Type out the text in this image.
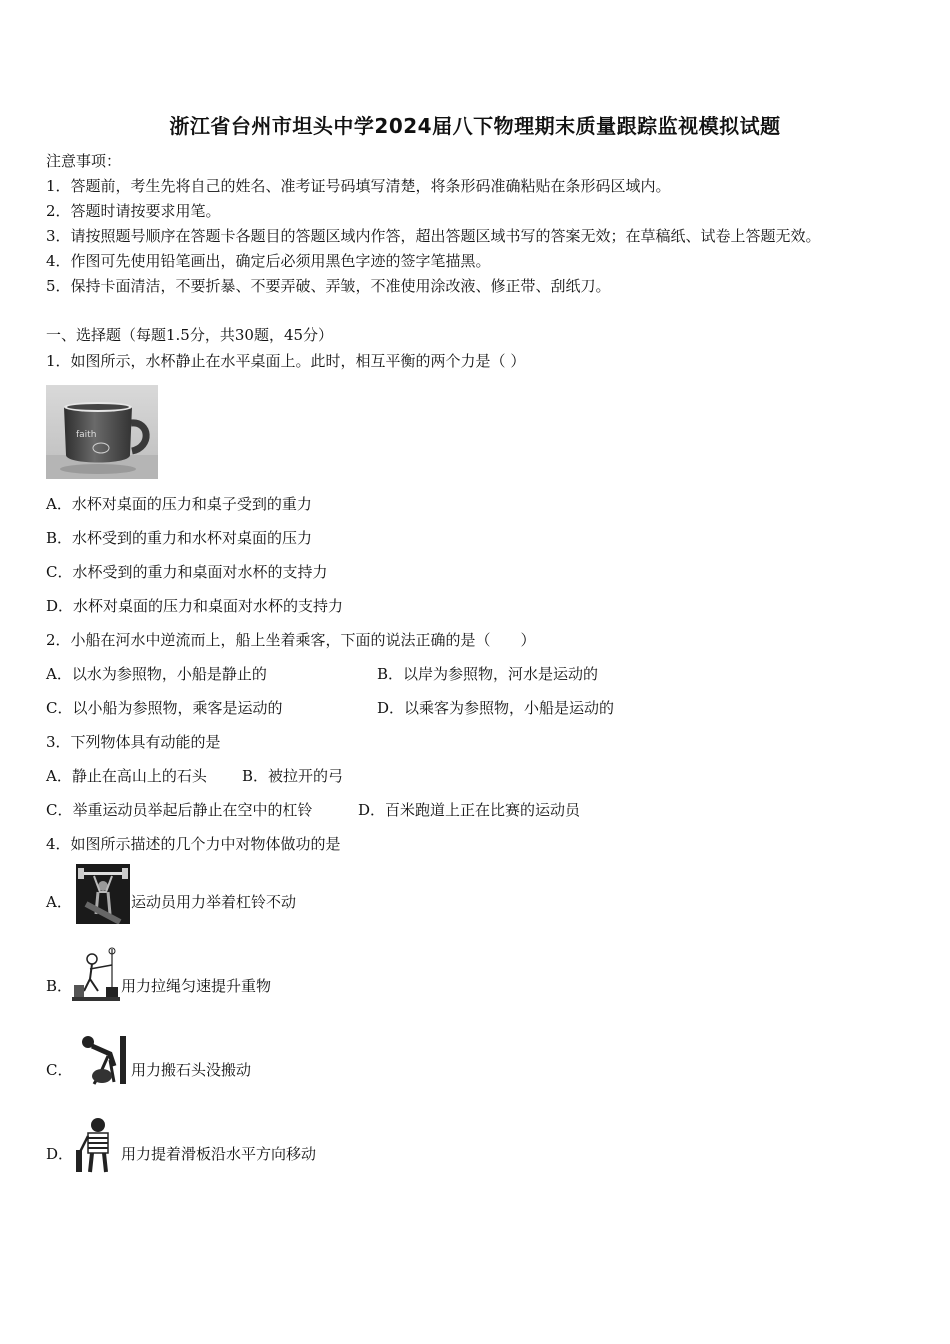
浙江省台州市坦头中学2024届八下物理期末质量跟踪监视模拟试题
注意事项：
1．答题前，考生先将自己的姓名、准考证号码填写清楚，将条形码准确粘贴在条形码区域内。
2．答题时请按要求用笔。
3．请按照题号顺序在答题卡各题目的答题区域内作答，超出答题区域书写的答案无效；在草稿纸、试卷上答题无效。
4．作图可先使用铅笔画出，确定后必须用黑色字迹的签字笔描黑。
5．保持卡面清洁，不要折暴、不要弄破、弄皱，不准使用涂改液、修正带、刮纸刀。
一、选择题（每题1.5分，共30题，45分）
1．如图所示，水杯静止在水平桌面上。此时，相互平衡的两个力是（ ）
faith
A．水杯对桌面的压力和桌子受到的重力
B．水杯受到的重力和水杯对桌面的压力
C．水杯受到的重力和桌面对水杯的支持力
D．水杯对桌面的压力和桌面对水杯的支持力
2．小船在河水中逆流而上，船上坐着乘客，下面的说法正确的是（　　）
A．以水为参照物，小船是静止的	B．以岸为参照物，河水是运动的
C．以小船为参照物，乘客是运动的	D．以乘客为参照物，小船是运动的
3．下列物体具有动能的是
A．静止在高山上的石头 B．被拉开的弓
C．举重运动员举起后静止在空中的杠铃	D．百米跑道上正在比赛的运动员
4．如图所示描述的几个力中对物体做功的是
A．	运动员用力举着杠铃不动
B．	用力拉绳匀速提升重物
C．	用力搬石头没搬动
D．	用力提着滑板沿水平方向移动
